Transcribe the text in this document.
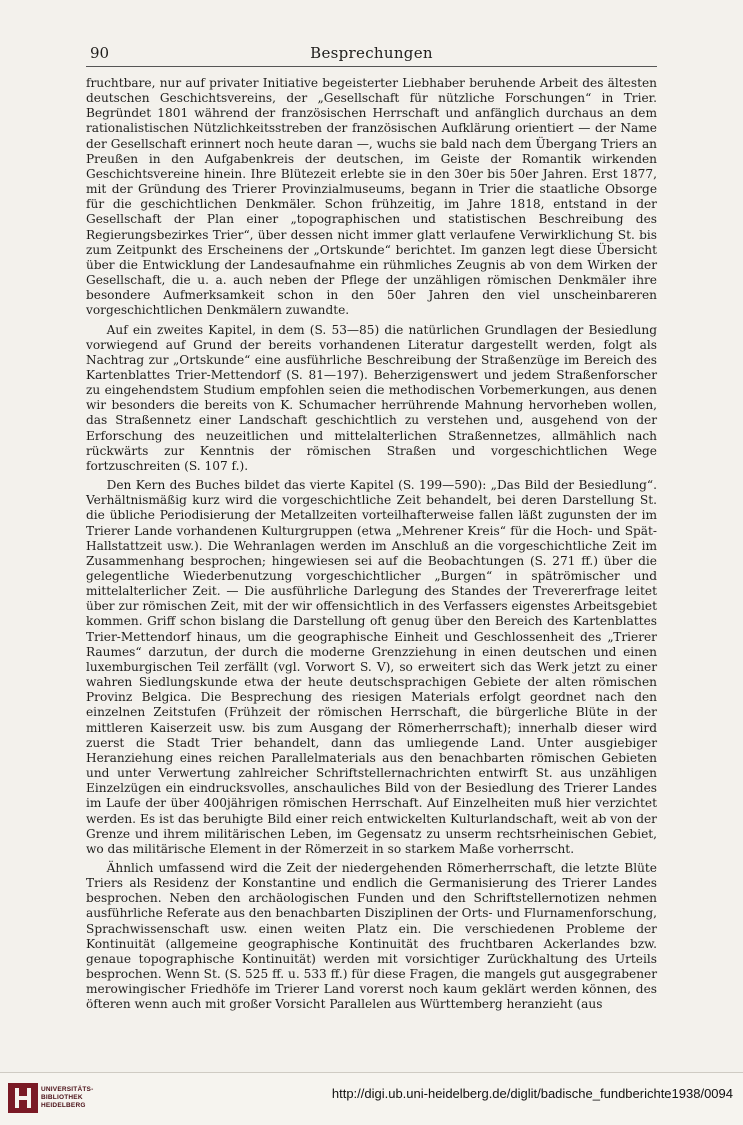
90	Besprechungen

fruchtbare, nur auf privater Initiative begeisterter Liebhaber beruhende Arbeit des ältesten deutschen Geschichtsvereins, der „Gesellschaft für nützliche Forschungen“ in Trier. Begründet 1801 während der französischen Herrschaft und anfänglich durchaus an dem rationalistischen Nützlichkeitsstreben der französischen Aufklärung orientiert — der Name der Gesellschaft erinnert noch heute daran —, wuchs sie bald nach dem Übergang Triers an Preußen in den Aufgabenkreis der deutschen, im Geiste der Romantik wirkenden Geschichtsvereine hinein. Ihre Blütezeit erlebte sie in den 30er bis 50er Jahren. Erst 1877, mit der Gründung des Trierer Provinzialmuseums, begann in Trier die staatliche Obsorge für die geschichtlichen Denkmäler. Schon frühzeitig, im Jahre 1818, entstand in der Gesellschaft der Plan einer „topographischen und statistischen Beschreibung des Regierungsbezirkes Trier“, über dessen nicht immer glatt verlaufene Verwirklichung St. bis zum Zeitpunkt des Erscheinens der „Ortskunde“ berichtet. Im ganzen legt diese Übersicht über die Entwicklung der Landesaufnahme ein rühmliches Zeugnis ab von dem Wirken der Gesellschaft, die u. a. auch neben der Pflege der unzähligen römischen Denkmäler ihre besondere Aufmerksamkeit schon in den 50er Jahren den viel unscheinbareren vorgeschichtlichen Denkmälern zuwandte.

Auf ein zweites Kapitel, in dem (S. 53—85) die natürlichen Grundlagen der Besiedlung vorwiegend auf Grund der bereits vorhandenen Literatur dargestellt werden, folgt als Nachtrag zur „Ortskunde“ eine ausführliche Beschreibung der Straßenzüge im Bereich des Kartenblattes Trier-Mettendorf (S. 81—197). Beherzigenswert und jedem Straßenforscher zu eingehendstem Studium empfohlen seien die methodischen Vorbemerkungen, aus denen wir besonders die bereits von K. Schumacher herrührende Mahnung hervorheben wollen, das Straßennetz einer Landschaft geschichtlich zu verstehen und, ausgehend von der Erforschung des neuzeitlichen und mittelalterlichen Straßennetzes, allmählich nach rückwärts zur Kenntnis der römischen Straßen und vorgeschichtlichen Wege fortzuschreiten (S. 107 f.).

Den Kern des Buches bildet das vierte Kapitel (S. 199—590): „Das Bild der Besiedlung“. Verhältnismäßig kurz wird die vorgeschichtliche Zeit behandelt, bei deren Darstellung St. die übliche Periodisierung der Metallzeiten vorteilhafterweise fallen läßt zugunsten der im Trierer Lande vorhandenen Kulturgruppen (etwa „Mehrener Kreis“ für die Hoch- und Spät-Hallstattzeit usw.). Die Wehranlagen werden im Anschluß an die vorgeschichtliche Zeit im Zusammenhang besprochen; hingewiesen sei auf die Beobachtungen (S. 271 ff.) über die gelegentliche Wiederbenutzung vorgeschichtlicher „Burgen“ in spätrömischer und mittelalterlicher Zeit. — Die ausführliche Darlegung des Standes der Trevererfrage leitet über zur römischen Zeit, mit der wir offensichtlich in des Verfassers eigenstes Arbeitsgebiet kommen. Griff schon bislang die Darstellung oft genug über den Bereich des Kartenblattes Trier-Mettendorf hinaus, um die geographische Einheit und Geschlossenheit des „Trierer Raumes“ darzutun, der durch die moderne Grenzziehung in einen deutschen und einen luxemburgischen Teil zerfällt (vgl. Vorwort S. V), so erweitert sich das Werk jetzt zu einer wahren Siedlungskunde etwa der heute deutschsprachigen Gebiete der alten römischen Provinz Belgica. Die Besprechung des riesigen Materials erfolgt geordnet nach den einzelnen Zeitstufen (Frühzeit der römischen Herrschaft, die bürgerliche Blüte in der mittleren Kaiserzeit usw. bis zum Ausgang der Römerherrschaft); innerhalb dieser wird zuerst die Stadt Trier behandelt, dann das umliegende Land. Unter ausgiebiger Heranziehung eines reichen Parallelmaterials aus den benachbarten römischen Gebieten und unter Verwertung zahlreicher Schriftstellernachrichten entwirft St. aus unzähligen Einzelzügen ein eindrucksvolles, anschauliches Bild von der Besiedlung des Trierer Landes im Laufe der über 400jährigen römischen Herrschaft. Auf Einzelheiten muß hier verzichtet werden. Es ist das beruhigte Bild einer reich entwickelten Kulturlandschaft, weit ab von der Grenze und ihrem militärischen Leben, im Gegensatz zu unserm rechtsrheinischen Gebiet, wo das militärische Element in der Römerzeit in so starkem Maße vorherrscht.

Ähnlich umfassend wird die Zeit der niedergehenden Römerherrschaft, die letzte Blüte Triers als Residenz der Konstantine und endlich die Germanisierung des Trierer Landes besprochen. Neben den archäologischen Funden und den Schriftstellernotizen nehmen ausführliche Referate aus den benachbarten Disziplinen der Orts- und Flurnamenforschung, Sprachwissenschaft usw. einen weiten Platz ein. Die verschiedenen Probleme der Kontinuität (allgemeine geographische Kontinuität des fruchtbaren Ackerlandes bzw. genaue topographische Kontinuität) werden mit vorsichtiger Zurückhaltung des Urteils besprochen. Wenn St. (S. 525 ff. u. 533 ff.) für diese Fragen, die mangels gut ausgegrabener merowingischer Friedhöfe im Trierer Land vorerst noch kaum geklärt werden können, des öfteren wenn auch mit großer Vorsicht Parallelen aus Württemberg heranzieht (aus

UNIVERSITÄTS-
BIBLIOTHEK
HEIDELBERG
http://digi.ub.uni-heidelberg.de/diglit/badische_fundberichte1938/0094
